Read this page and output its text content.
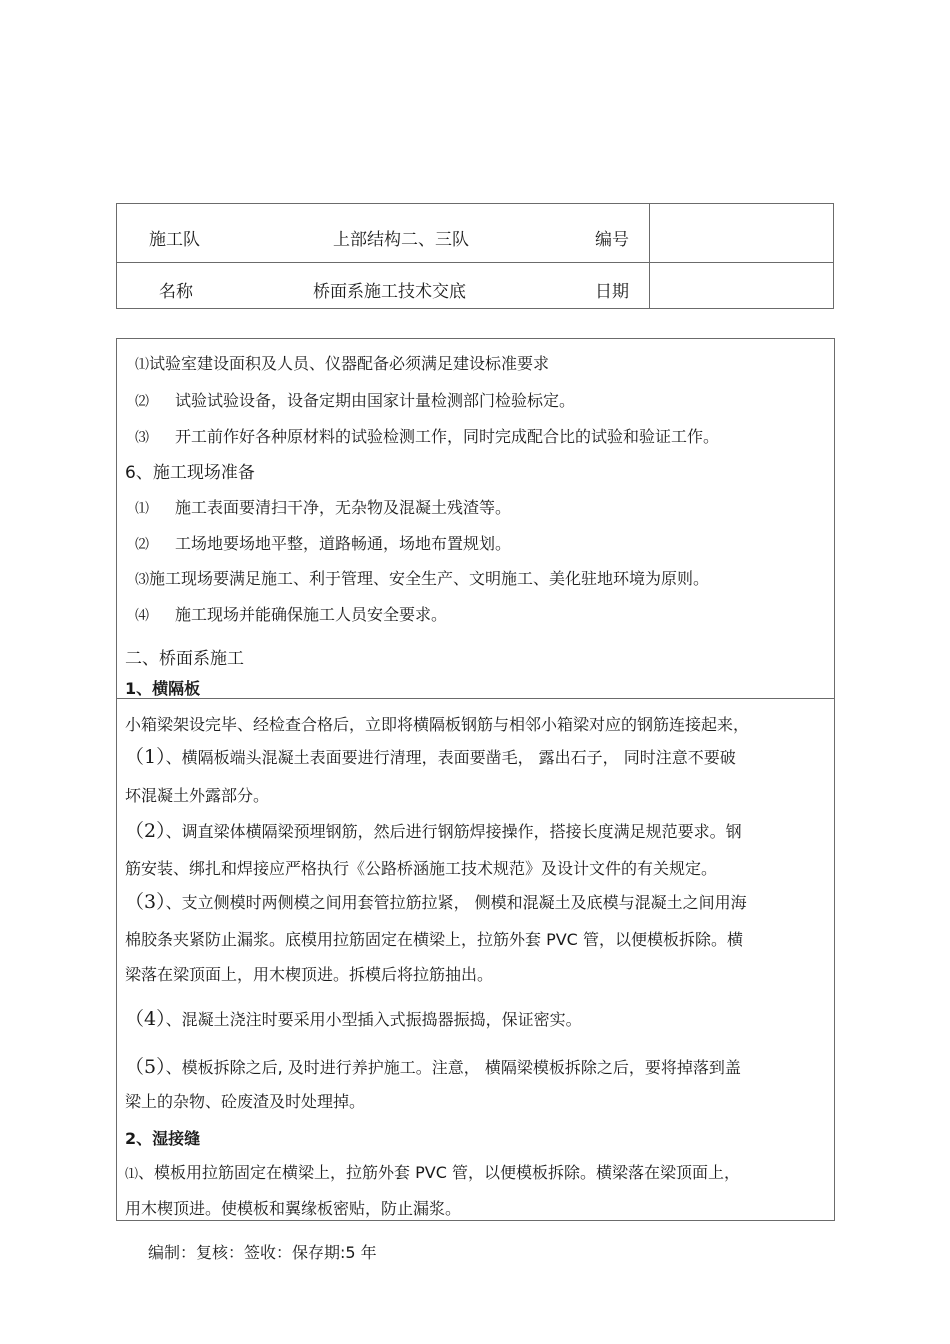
施工队	上部结构二、三队	编号
名称	桥面系施工技术交底	日期
⑴试验室建设面积及人员、仪器配备必须满足建设标准要求
⑵ 试验试验设备，设备定期由国家计量检测部门检验标定。
⑶ 开工前作好各种原材料的试验检测工作，同时完成配合比的试验和验证工作。
6、施工现场准备
⑴ 施工表面要清扫干净，无杂物及混凝土残渣等。
⑵ 工场地要场地平整，道路畅通，场地布置规划。
⑶施工现场要满足施工、利于管理、安全生产、文明施工、美化驻地环境为原则。
⑷ 施工现场并能确保施工人员安全要求。
二、桥面系施工
1、横隔板
小箱梁架设完毕、经检查合格后，立即将横隔板钢筋与相邻小箱梁对应的钢筋连接起来，
（1）、横隔板端头混凝土表面要进行清理，表面要凿毛， 露出石子， 同时注意不要破
坏混凝土外露部分。
（2）、调直梁体横隔梁预埋钢筋，然后进行钢筋焊接操作，搭接长度满足规范要求。钢
筋安装、绑扎和焊接应严格执行《公路桥涵施工技术规范》及设计文件的有关规定。
（3）、支立侧模时两侧模之间用套管拉筋拉紧， 侧模和混凝土及底模与混凝土之间用海
棉胶条夹紧防止漏浆。底模用拉筋固定在横梁上，拉筋外套 PVC 管，以便模板拆除。横
梁落在梁顶面上，用木楔顶进。拆模后将拉筋抽出。
（4）、混凝土浇注时要采用小型插入式振捣器振捣，保证密实。
（5）、模板拆除之后, 及时进行养护施工。注意， 横隔梁模板拆除之后，要将掉落到盖
梁上的杂物、砼废渣及时处理掉。
2、湿接缝
⑴、模板用拉筋固定在横梁上，拉筋外套 PVC 管，以便模板拆除。横梁落在梁顶面上，
用木楔顶进。使模板和翼缘板密贴，防止漏浆。
编制：复核：签收：保存期:5 年
